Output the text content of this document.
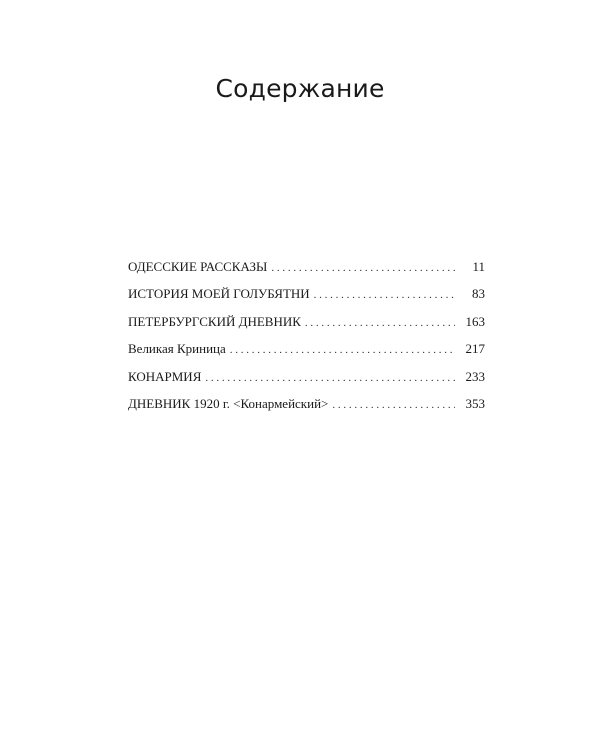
Содержание
ОДЕССКИЕ РАССКАЗЫ . . .	11
ИСТОРИЯ МОЕЙ ГОЛУБЯТНИ . . .	83
ПЕТЕРБУРГСКИЙ ДНЕВНИК . . .	163
Великая Криница . . .	217
КОНАРМИЯ . . .	233
ДНЕВНИК 1920 г. <Конармейский> . . .	353
